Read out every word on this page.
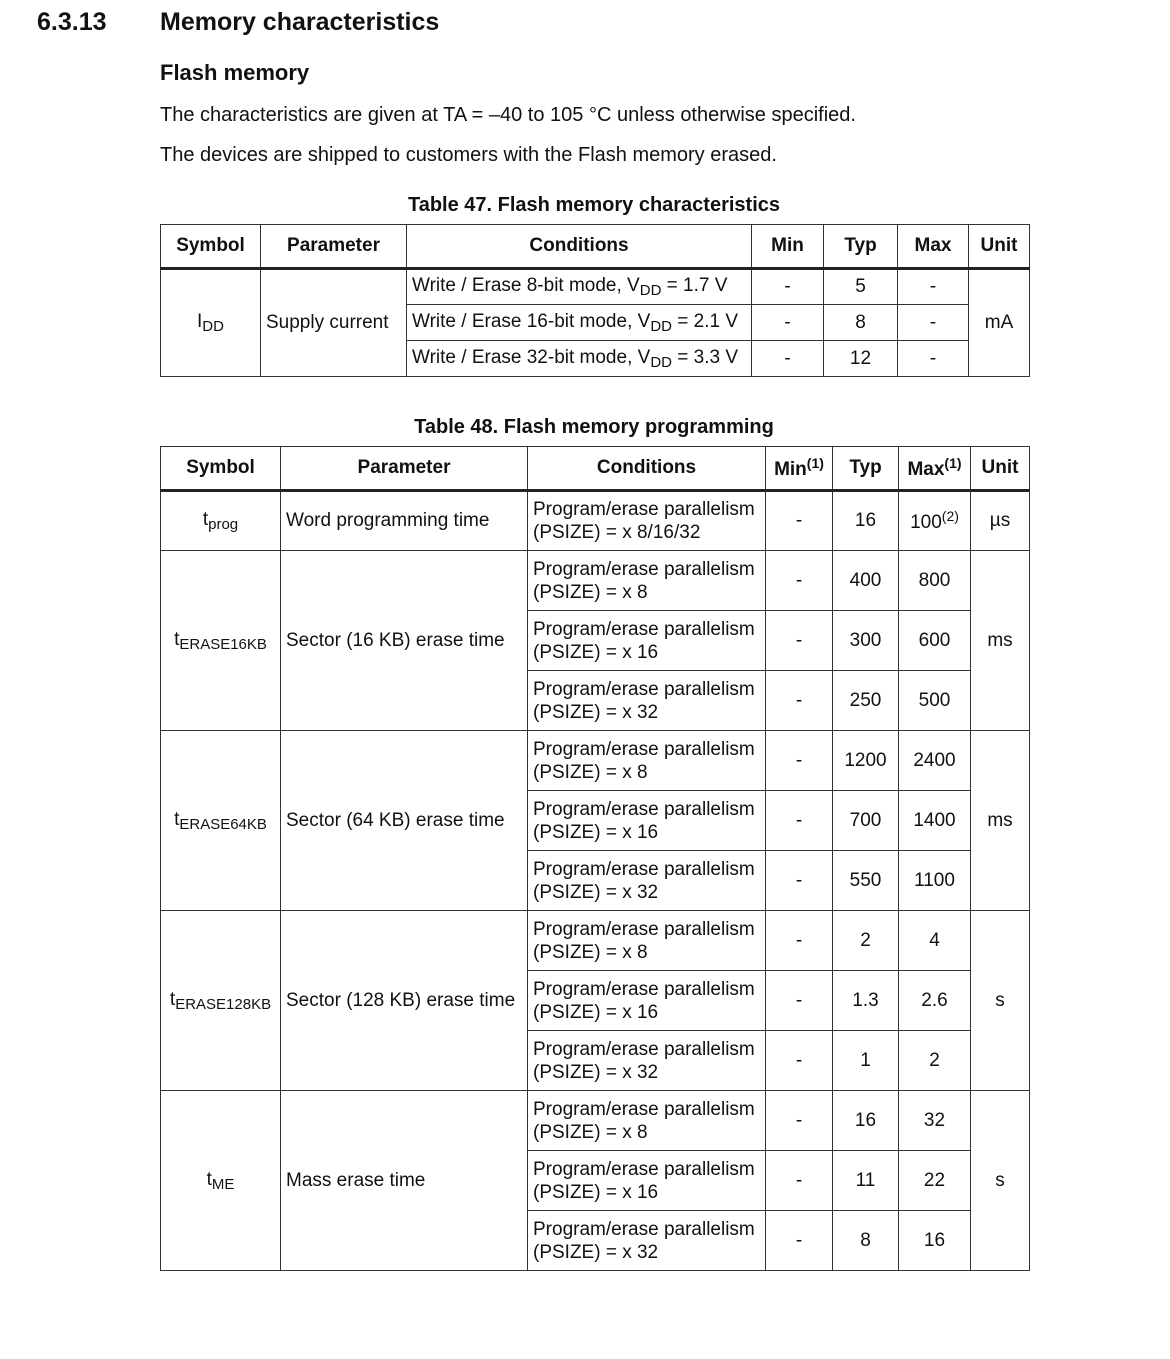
6.3.13 Memory characteristics
Flash memory
The characteristics are given at TA = –40 to 105 °C unless otherwise specified.
The devices are shipped to customers with the Flash memory erased.
Table 47. Flash memory characteristics
Symbol	Parameter	Conditions	Min	Typ	Max	Unit
$I_{DD}$	Supply current	Write / Erase 8-bit mode, $V_{DD} = 1.7$ V	-	5	-	mA
		Write / Erase 16-bit mode, $V_{DD} = 2.1$ V	-	8	-	
		Write / Erase 32-bit mode, $V_{DD} = 3.3$ V	-	12	-	
Table 48. Flash memory programming
Symbol	Parameter	Conditions	Min$^{(1)}$	Typ	Max$^{(1)}$	Unit
$t_{prog}$	Word programming time	Program/erase parallelism
(PSIZE) = x 8/16/32	-	16	100$^{(2)}$	µs
$t_{ERASE16KB}$	Sector (16 KB) erase time	Program/erase parallelism
(PSIZE) = x 8	-	400	800	ms
		Program/erase parallelism
(PSIZE) = x 16	-	300	600	
		Program/erase parallelism
(PSIZE) = x 32	-	250	500	
$t_{ERASE64KB}$	Sector (64 KB) erase time	Program/erase parallelism
(PSIZE) = x 8	-	1200	2400	ms
		Program/erase parallelism
(PSIZE) = x 16	-	700	1400	
		Program/erase parallelism
(PSIZE) = x 32	-	550	1100	
$t_{ERASE128KB}$	Sector (128 KB) erase time	Program/erase parallelism
(PSIZE) = x 8	-	2	4	s
		Program/erase parallelism
(PSIZE) = x 16	-	1.3	2.6	
		Program/erase parallelism
(PSIZE) = x 32	-	1	2	
$t_{ME}$	Mass erase time	Program/erase parallelism
(PSIZE) = x 8	-	16	32	s
		Program/erase parallelism
(PSIZE) = x 16	-	11	22	
		Program/erase parallelism
(PSIZE) = x 32	-	8	16	
